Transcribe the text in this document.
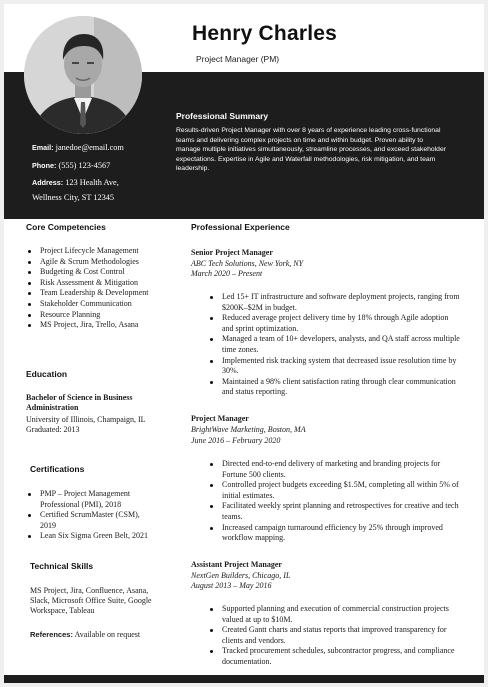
Henry Charles
Project Manager (PM)
Email: janedoe@email.com
Phone: (555) 123-4567
Address: 123 Health Ave,
Wellness City, ST 12345
Professional Summary

Results-driven Project Manager with over 8 years of experience leading cross-functional teams and delivering complex projects on time and within budget. Proven ability to manage multiple initiatives simultaneously, streamline processes, and exceed stakeholder expectations. Expertise in Agile and Waterfall methodologies, risk mitigation, and team leadership.

Core Competencies
Project Lifecycle Management
Agile & Scrum Methodologies
Budgeting & Cost Control
Risk Assessment & Mitigation
Team Leadership & Development
Stakeholder Communication
Resource Planning
MS Project, Jira, Trello, Asana
Education

Bachelor of Science in Business Administration

University of Illinois, Champaign, IL

Graduated: 2013

Certifications
PMP – Project Management Professional (PMI), 2018
Certified ScrumMaster (CSM), 2019
Lean Six Sigma Green Belt, 2021
Technical Skills

MS Project, Jira, Confluence, Asana, Slack, Microsoft Office Suite, Google Workspace, Tableau

References: Available on request

Professional Experience
Senior Project Manager
ABC Tech Solutions, New York, NY
March 2020 – Present
Led 15+ IT infrastructure and software deployment projects, ranging from $200K–$2M in budget.
Reduced average project delivery time by 18% through Agile adoption and sprint optimization.
Managed a team of 10+ developers, analysts, and QA staff across multiple time zones.
Implemented risk tracking system that decreased issue resolution time by 30%.
Maintained a 98% client satisfaction rating through clear communication and status reporting.
Project Manager
BrightWave Marketing, Boston, MA
June 2016 – February 2020
Directed end-to-end delivery of marketing and branding projects for Fortune 500 clients.
Controlled project budgets exceeding $1.5M, completing all within 5% of initial estimates.
Facilitated weekly sprint planning and retrospectives for creative and tech teams.
Increased campaign turnaround efficiency by 25% through improved workflow mapping.
Assistant Project Manager
NextGen Builders, Chicago, IL
August 2013 – May 2016
Supported planning and execution of commercial construction projects valued at up to $10M.
Created Gantt charts and status reports that improved transparency for clients and vendors.
Tracked procurement schedules, subcontractor progress, and compliance documentation.
